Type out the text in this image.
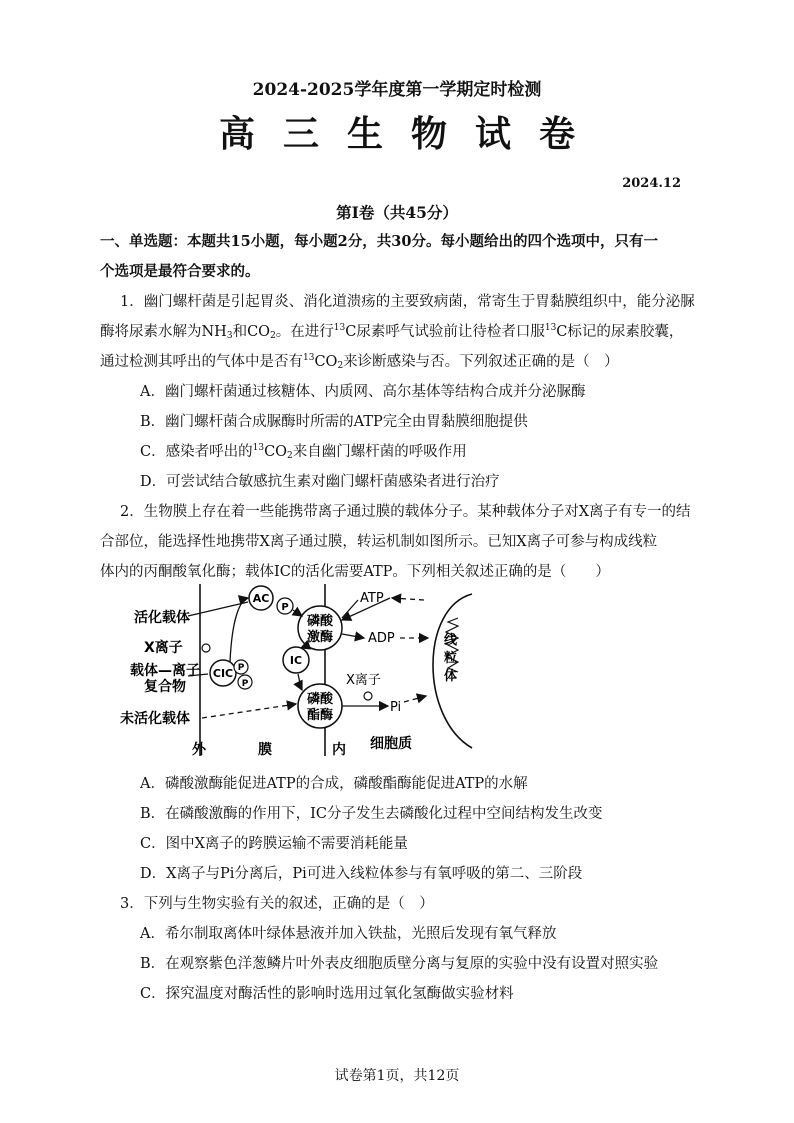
2024-2025学年度第一学期定时检测
高三生物试卷
2024.12
第Ⅰ卷（共45分）
一、单选题：本题共15小题，每小题2分，共30分。每小题给出的四个选项中，只有一
个选项是最符合要求的。
1．幽门螺杆菌是引起胃炎、消化道溃疡的主要致病菌，常寄生于胃黏膜组织中，能分泌脲
酶将尿素水解为$NH_3$和$CO_2$。在进行$^{13}$C尿素呼气试验前让待检者口服$^{13}$C标记的尿素胶囊，
通过检测其呼出的气体中是否有$^{13}CO_2$来诊断感染与否。下列叙述正确的是（　）
A．幽门螺杆菌通过核糖体、内质网、高尔基体等结构合成并分泌脲酶
B．幽门螺杆菌合成脲酶时所需的ATP完全由胃黏膜细胞提供
C．感染者呼出的$^{13}CO_2$来自幽门螺杆菌的呼吸作用
D．可尝试结合敏感抗生素对幽门螺杆菌感染者进行治疗
2．生物膜上存在着一些能携带离子通过膜的载体分子。某种载体分子对X离子有专一的结
合部位，能选择性地携带X离子通过膜，转运机制如图所示。已知X离子可参与构成线粒
体内的丙酮酸氧化酶；载体IC的活化需要ATP。下列相关叙述正确的是（　　）
活化载体
X离子
载体—离子
复合物
未活化载体
AC
P
CIC P
P
IC
磷酸
激酶
磷酸
酯酶
ATP
ADP
Pi
X离子
线
粒
体
外	膜	内 细胞质
A．磷酸激酶能促进ATP的合成，磷酸酯酶能促进ATP的水解
B．在磷酸激酶的作用下，IC分子发生去磷酸化过程中空间结构发生改变
C．图中X离子的跨膜运输不需要消耗能量
D．X离子与Pi分离后，Pi可进入线粒体参与有氧呼吸的第二、三阶段
3．下列与生物实验有关的叙述，正确的是（　）
A．希尔制取离体叶绿体悬液并加入铁盐，光照后发现有氧气释放
B．在观察紫色洋葱鳞片叶外表皮细胞质壁分离与复原的实验中没有设置对照实验
C．探究温度对酶活性的影响时选用过氧化氢酶做实验材料
试卷第1页，共12页
